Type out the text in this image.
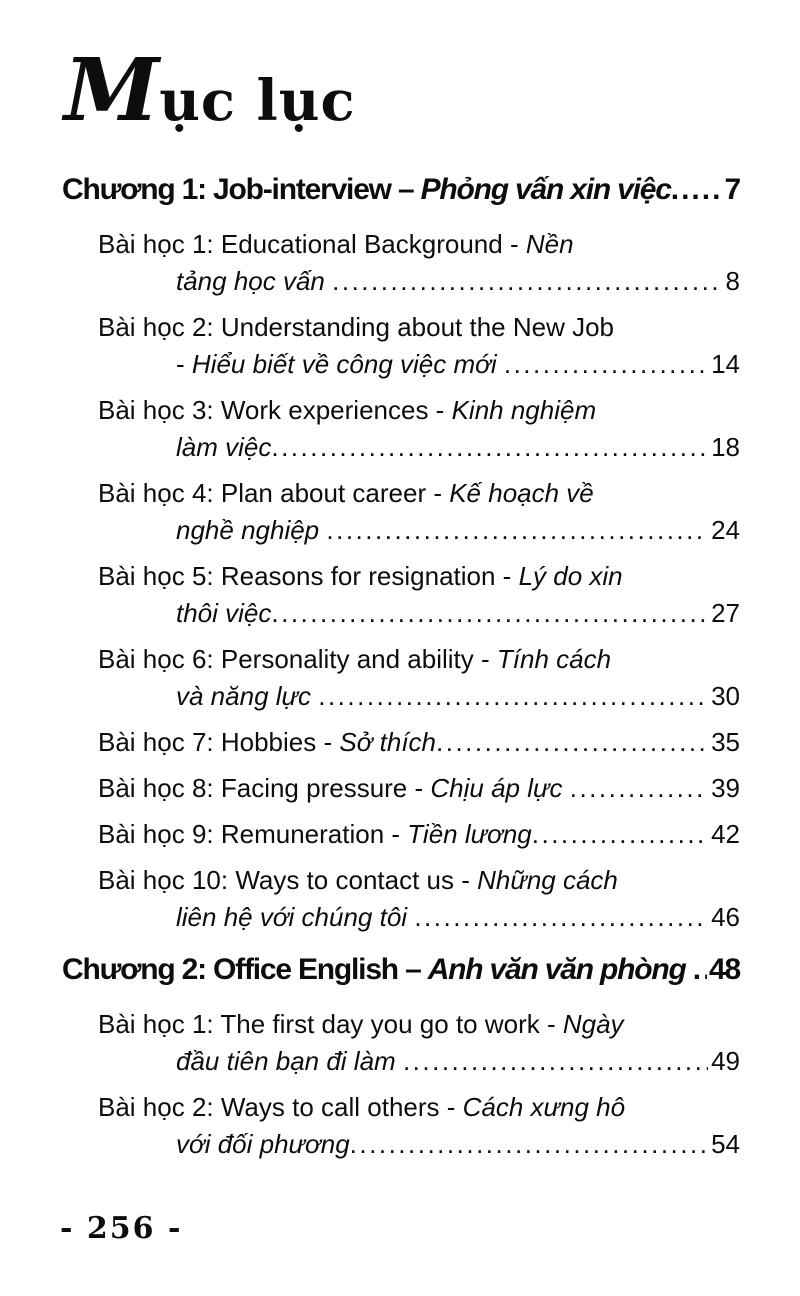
Mục lục
Chương 1: Job-interview – Phỏng vấn xin việc ..... 7
Bài học 1: Educational Background - Nền
tảng học vấn .....	8
Bài học 2: Understanding about the New Job
- Hiểu biết về công việc mới .....	14
Bài học 3: Work experiences - Kinh nghiệm
làm việc .....	18
Bài học 4: Plan about career - Kế hoạch về
nghề nghiệp .....	24
Bài học 5: Reasons for resignation - Lý do xin
thôi việc .....	27
Bài học 6: Personality and ability - Tính cách
và năng lực .....	30
Bài học 7: Hobbies - Sở thích .....	35
Bài học 8: Facing pressure - Chịu áp lực .....	39
Bài học 9: Remuneration - Tiền lương .....	42
Bài học 10: Ways to contact us - Những cách
liên hệ với chúng tôi .....	46
Chương 2: Office English – Anh văn văn phòng ..... 48
Bài học 1: The first day you go to work - Ngày
đầu tiên bạn đi làm .....	49
Bài học 2: Ways to call others - Cách xưng hô
với đối phương .....	54
- 256 -
